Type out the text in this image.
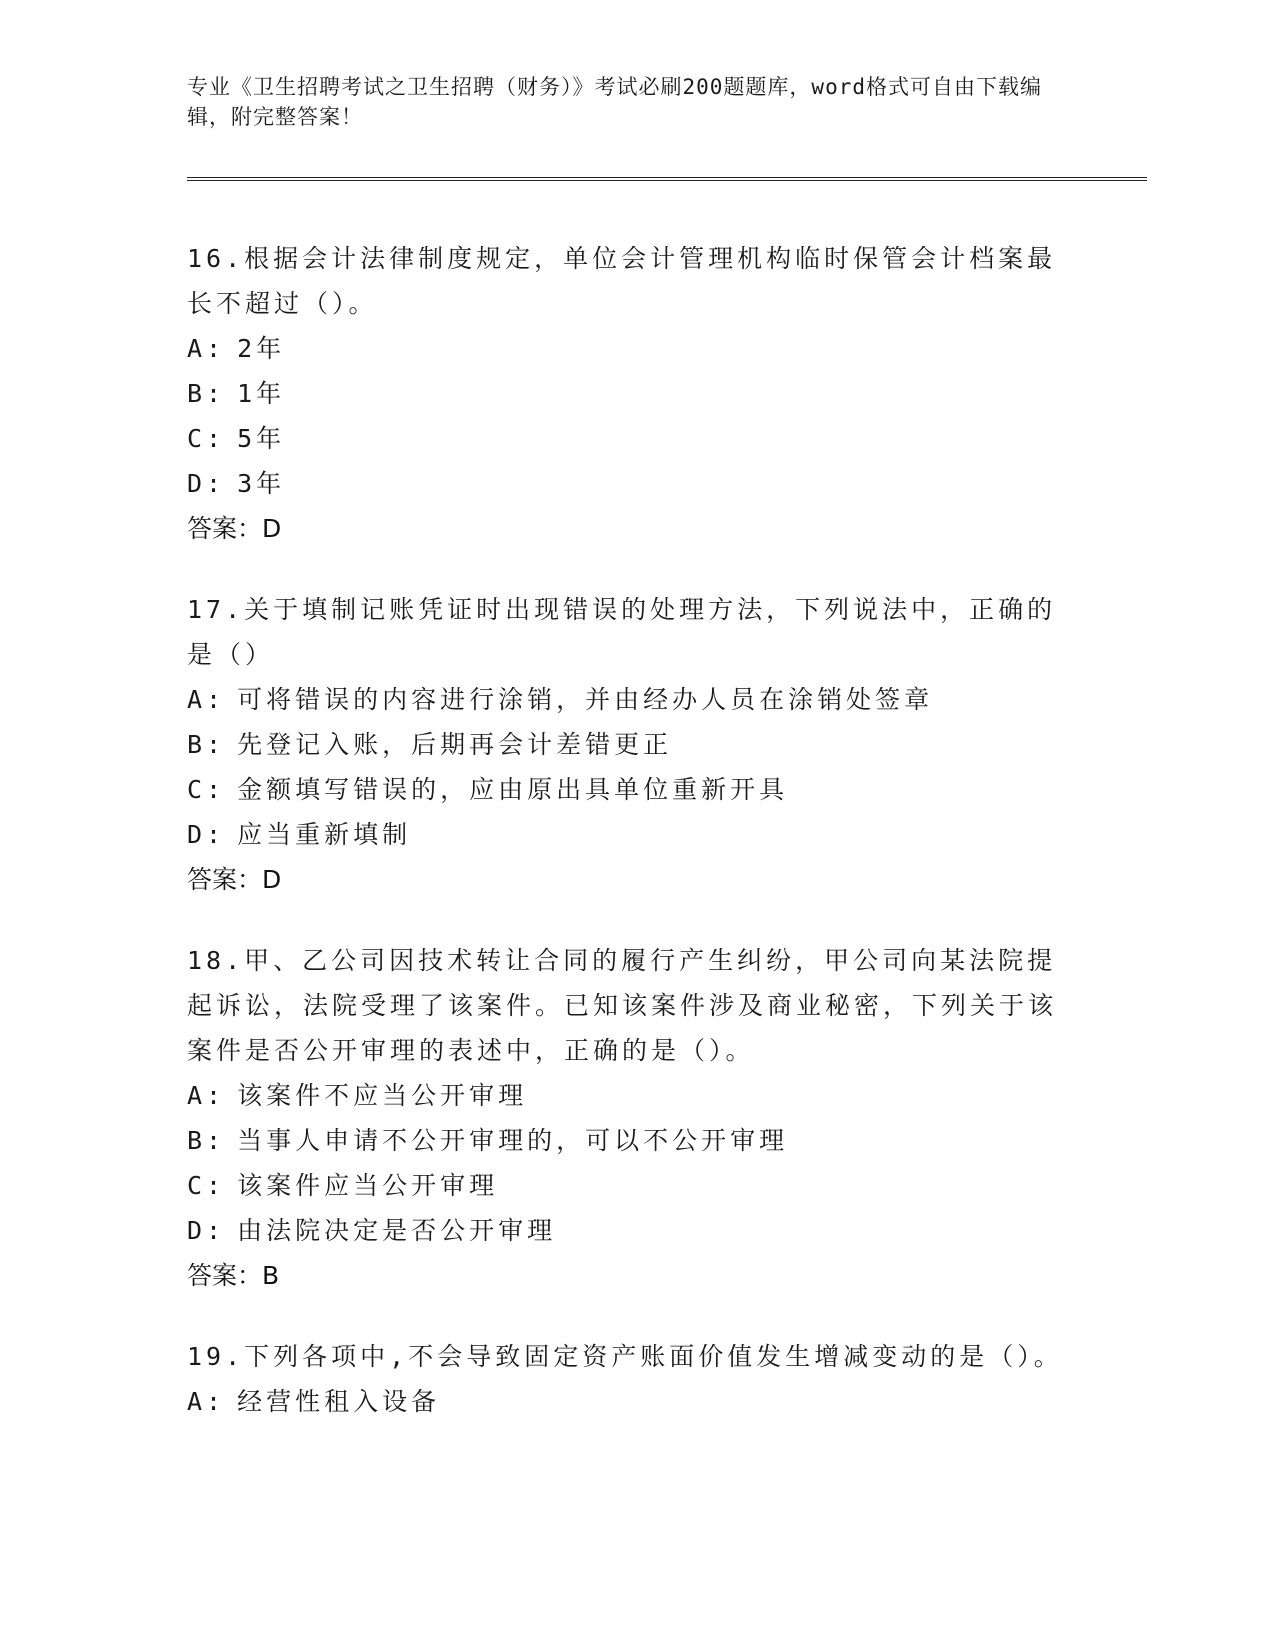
专业《卫生招聘考试之卫生招聘（财务）》考试必刷200题题库，word格式可自由下载编辑，附完整答案！

16.根据会计法律制度规定，单位会计管理机构临时保管会计档案最长不超过（）。

A: 2年

B: 1年

C: 5年

D: 3年

答案：D

17.关于填制记账凭证时出现错误的处理方法，下列说法中，正确的是（）

A: 可将错误的内容进行涂销，并由经办人员在涂销处签章

B: 先登记入账，后期再会计差错更正

C: 金额填写错误的，应由原出具单位重新开具

D: 应当重新填制

答案：D

18.甲、乙公司因技术转让合同的履行产生纠纷，甲公司向某法院提起诉讼，法院受理了该案件。已知该案件涉及商业秘密，下列关于该案件是否公开审理的表述中，正确的是（）。

A: 该案件不应当公开审理

B: 当事人申请不公开审理的，可以不公开审理

C: 该案件应当公开审理

D: 由法院决定是否公开审理

答案：B

19.下列各项中,不会导致固定资产账面价值发生增减变动的是（）。

A: 经营性租入设备
